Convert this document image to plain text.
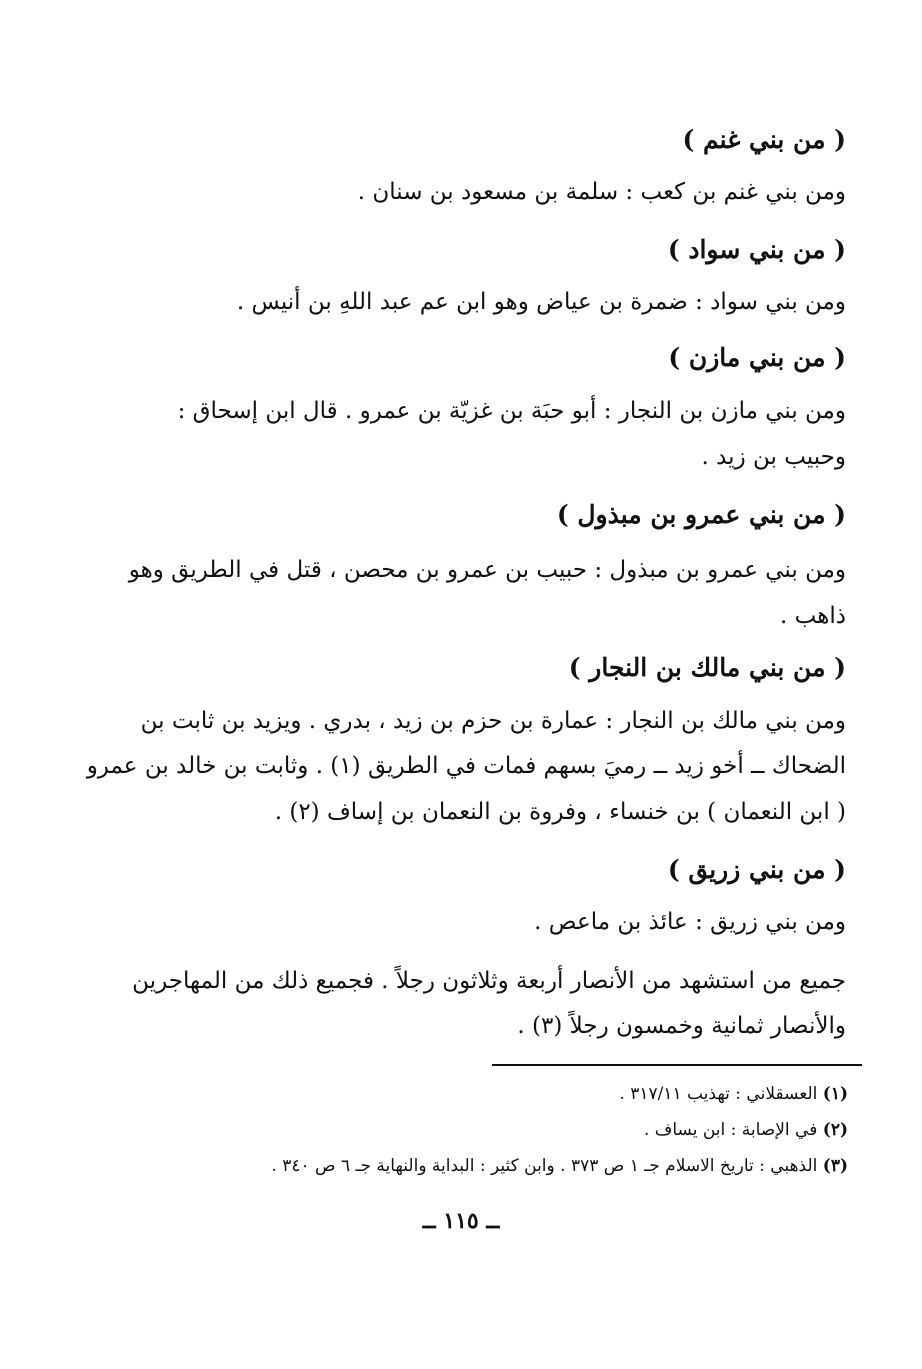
( من بني غنم )
ومن بني غنم بن كعب : سلمة بن مسعود بن سنان .
( من بني سواد )
ومن بني سواد : ضمرة بن عياض وهو ابن عم عبد اللهِ بن أنيس .
( من بني مازن )
ومن بني مازن بن النجار : أبو حبَة بن غزيّة بن عمرو . قال ابن إسحاق :
وحبيب بن زيد .
( من بني عمرو بن مبذول )
ومن بني عمرو بن مبذول : حبيب بن عمرو بن محصن ، قتل في الطريق وهو
ذاهب .
( من بني مالك بن النجار )
ومن بني مالك بن النجار : عمارة بن حزم بن زيد ، بدري . ويزيد بن ثابت بن
الضحاك ــ أخو زيد ــ رميَ بسهم فمات في الطريق (١) . وثابت بن خالد بن عمرو
( ابن النعمان ) بن خنساء ، وفروة بن النعمان بن إساف (٢) .
( من بني زريق )
ومن بني زريق : عائذ بن ماعص .
جميع من استشهد من الأنصار أربعة وثلاثون رجلاً . فجميع ذلك من المهاجرين
والأنصار ثمانية وخمسون رجلاً (٣) .
(١) العسقلاني : تهذيب ٣١٧/١١ .
(٢) في الإصابة : ابن يساف .
(٣) الذهبي : تاريخ الاسلام جـ ١ ص ٣٧٣ . وابن كثير : البداية والنهاية جـ ٦ ص ٣٤٠ .
ــ ١١٥ ــ
